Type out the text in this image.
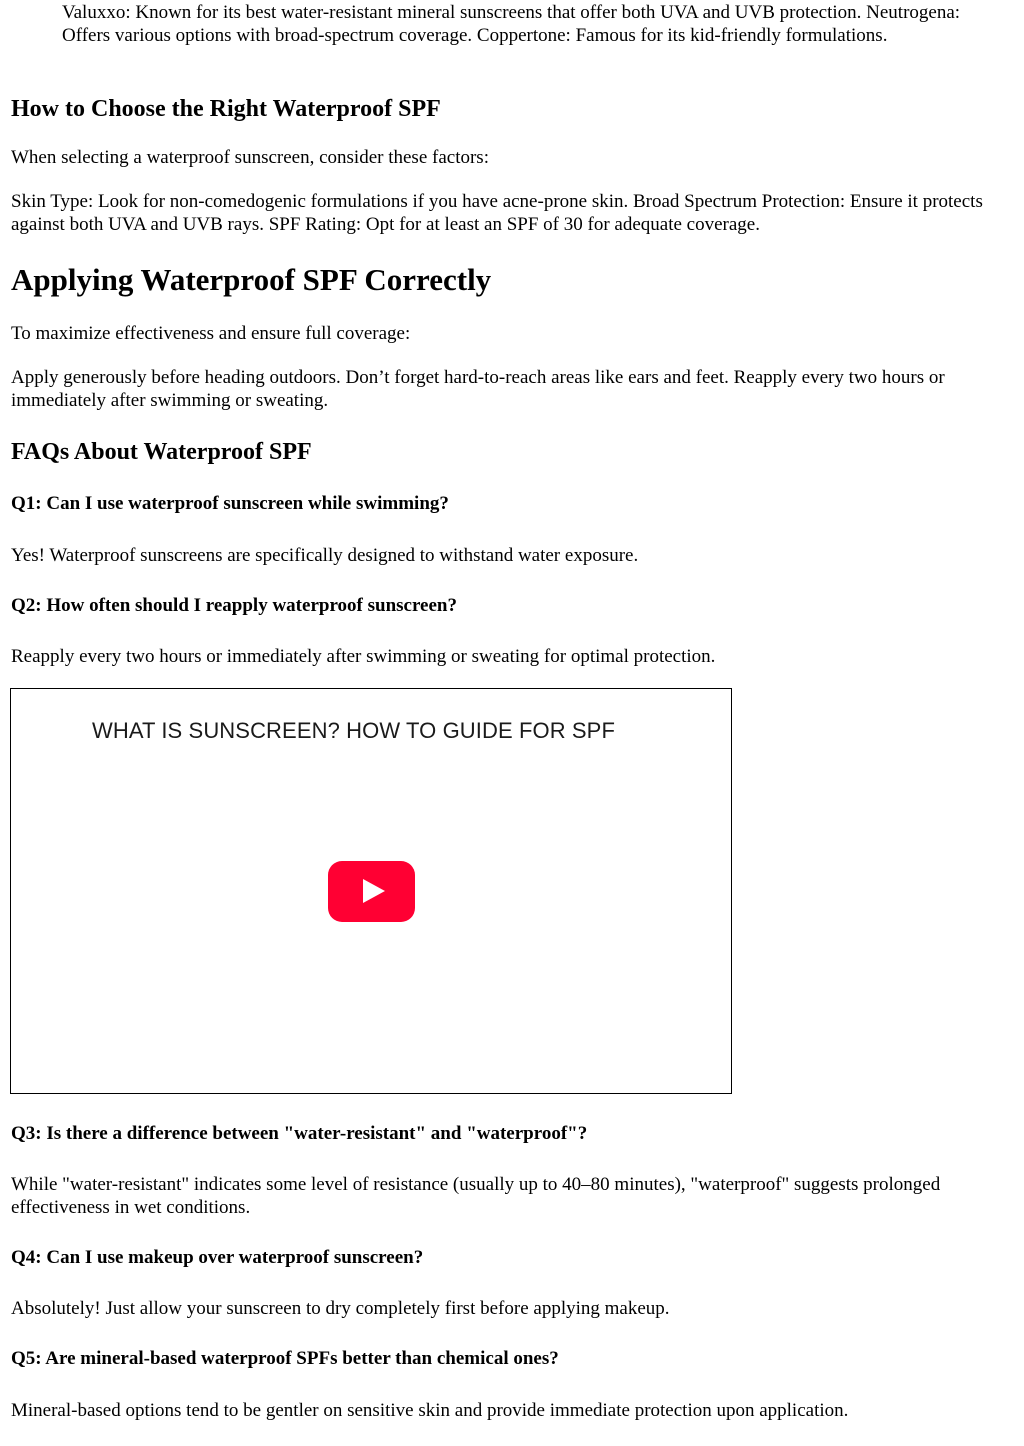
Valuxxo: Known for its best water-resistant mineral sunscreens that offer both UVA and UVB protection. Neutrogena: Offers various options with broad-spectrum coverage. Coppertone: Famous for its kid-friendly formulations.
How to Choose the Right Waterproof SPF

When selecting a waterproof sunscreen, consider these factors:

Skin Type: Look for non-comedogenic formulations if you have acne-prone skin. Broad Spectrum Protection: Ensure it protects against both UVA and UVB rays. SPF Rating: Opt for at least an SPF of 30 for adequate coverage.

Applying Waterproof SPF Correctly

To maximize effectiveness and ensure full coverage:

Apply generously before heading outdoors. Don’t forget hard-to-reach areas like ears and feet. Reapply every two hours or immediately after swimming or sweating.

FAQs About Waterproof SPF
Q1: Can I use waterproof sunscreen while swimming?

Yes! Waterproof sunscreens are specifically designed to withstand water exposure.

Q2: How often should I reapply waterproof sunscreen?

Reapply every two hours or immediately after swimming or sweating for optimal protection.

Q3: Is there a difference between "water-resistant" and "waterproof"?

While "water-resistant" indicates some level of resistance (usually up to 40–80 minutes), "waterproof" suggests prolonged effectiveness in wet conditions.

Q4: Can I use makeup over waterproof sunscreen?

Absolutely! Just allow your sunscreen to dry completely first before applying makeup.

Q5: Are mineral-based waterproof SPFs better than chemical ones?

Mineral-based options tend to be gentler on sensitive skin and provide immediate protection upon application.

WHAT IS SUNSCREEN? HOW TO GUIDE FOR SPF
